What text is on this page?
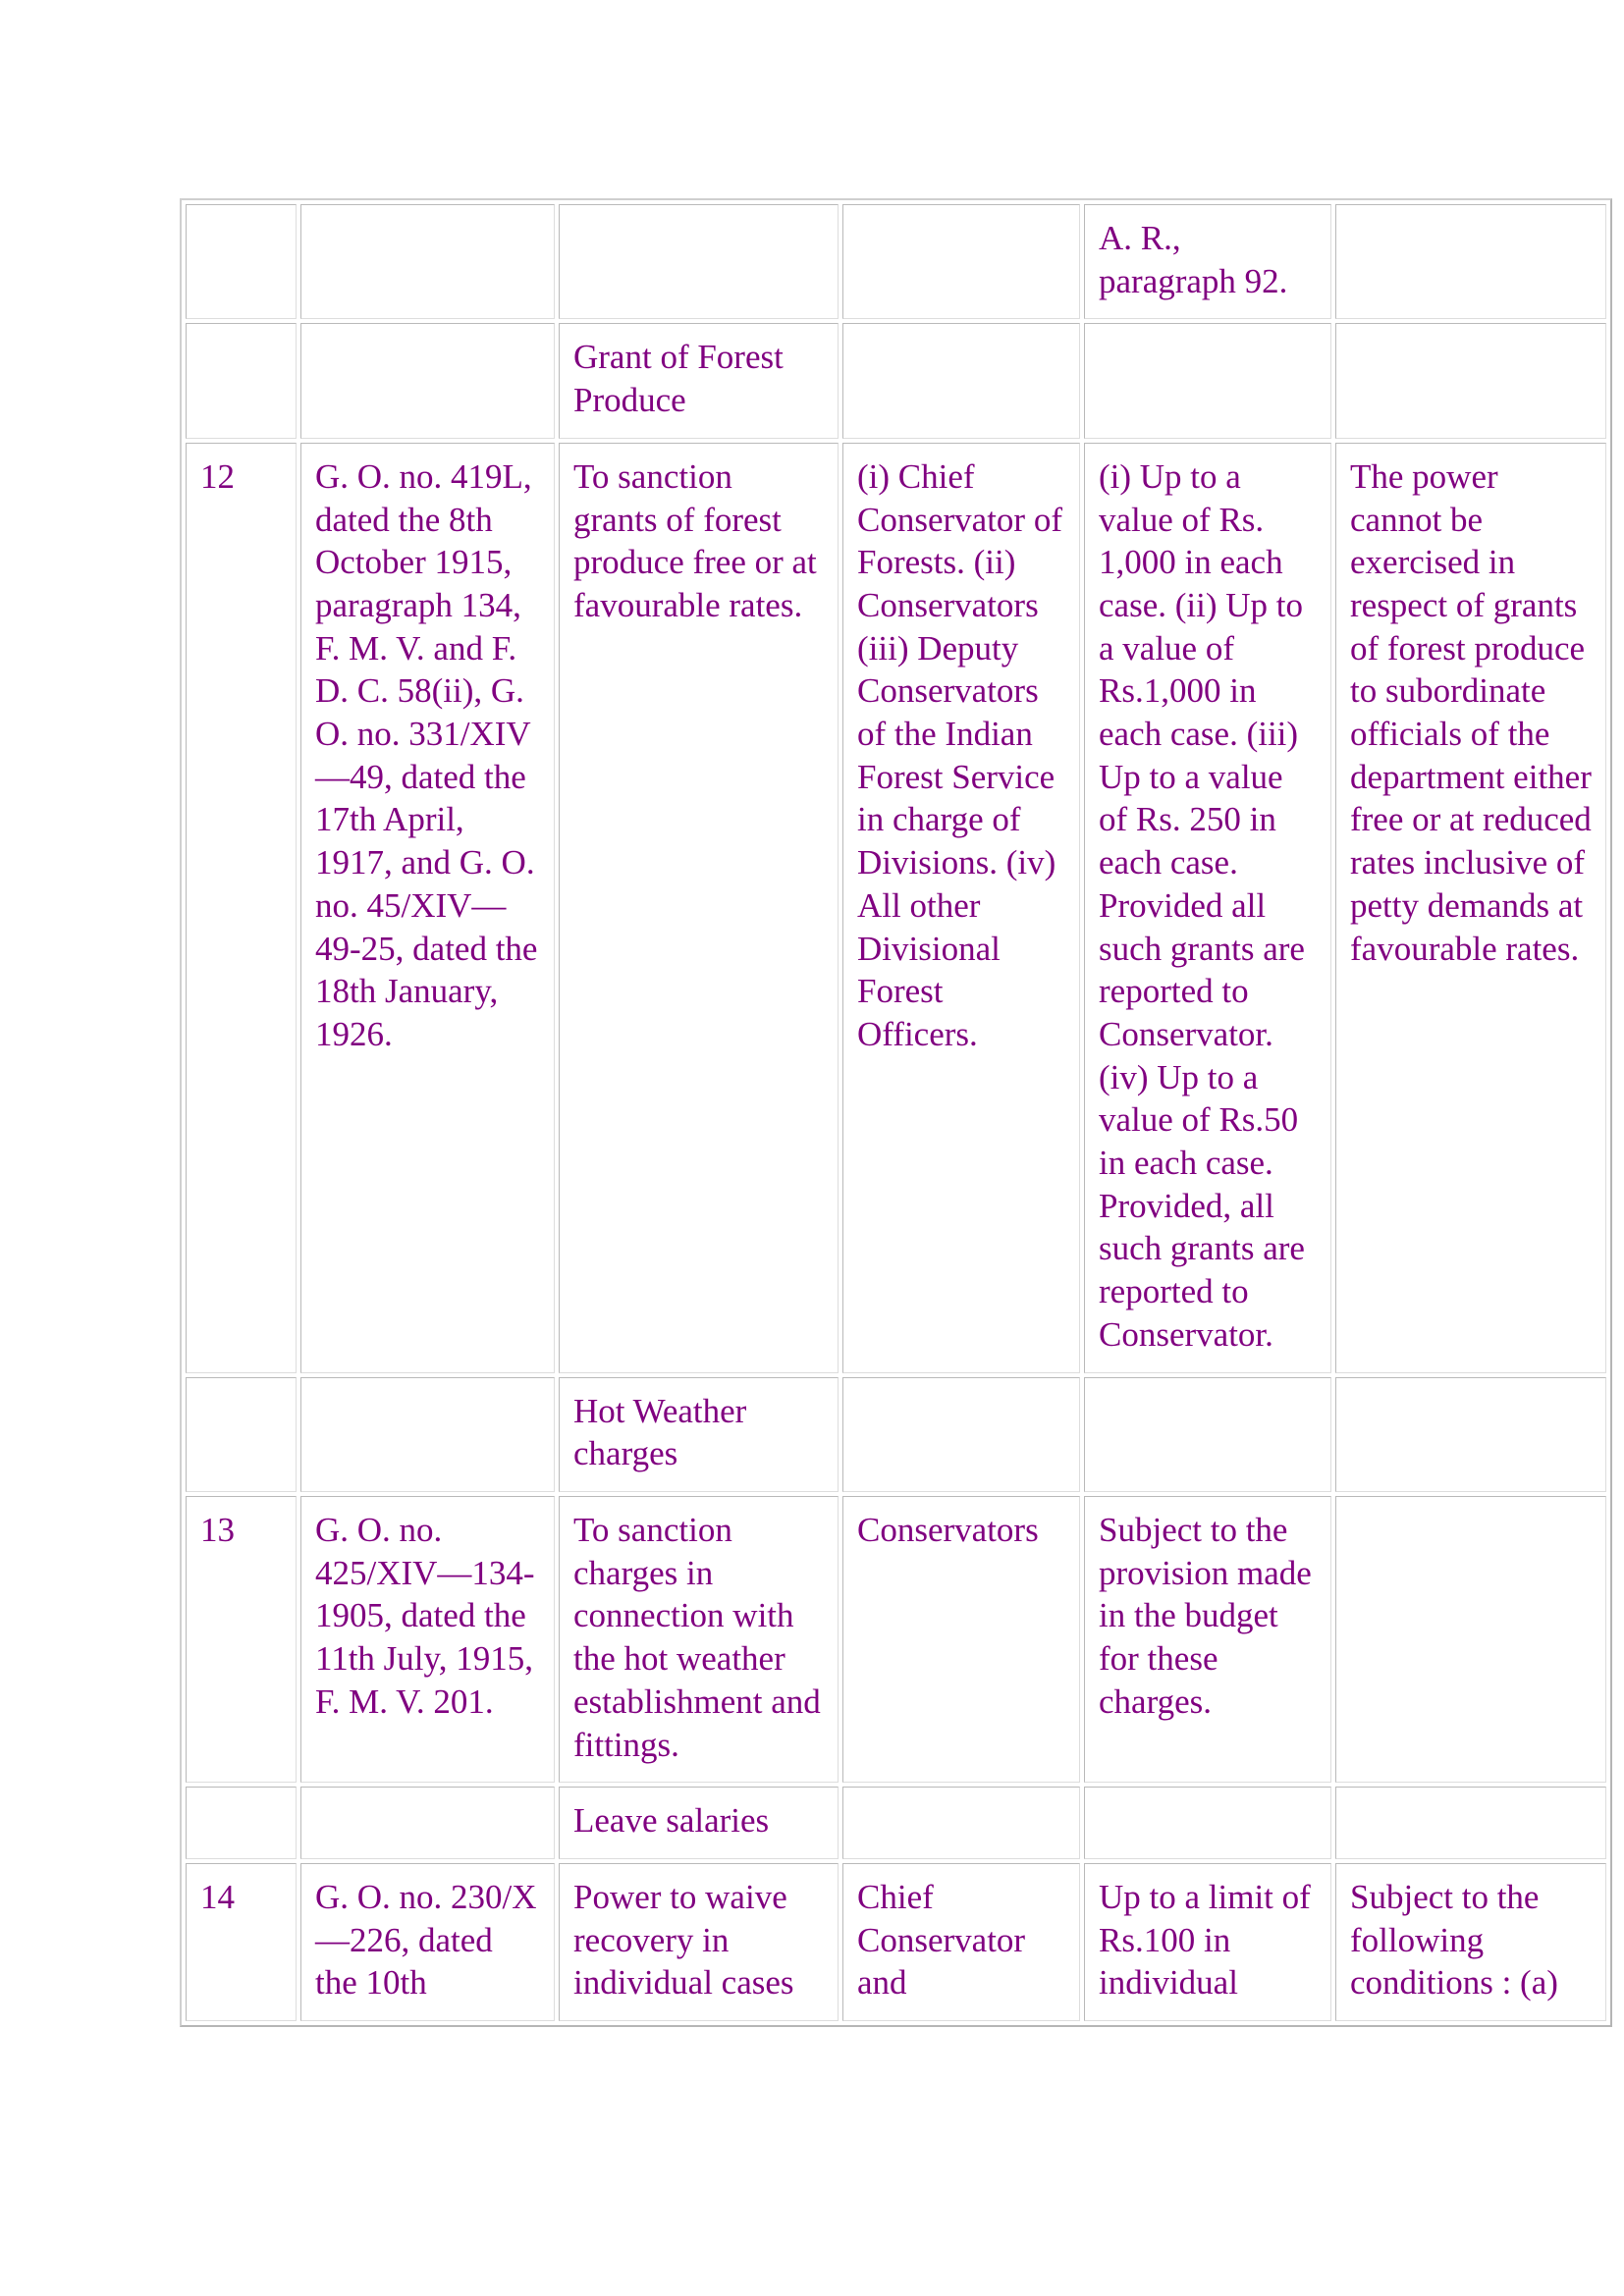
				A. R., paragraph 92.	

		Grant of Forest Produce			

12	G. O. no. 419L, dated the 8th October 1915, paragraph 134, F. M. V. and F. D. C. 58(ii), G. O. no. 331/XIV—49, dated the 17th April, 1917, and G. O. no. 45/XIV—49-25, dated the 18th January, 1926.	To sanction grants of forest produce free or at favourable rates.	(i) Chief Conservator of Forests. (ii) Conservators (iii) Deputy Conservators of the Indian Forest Service in charge of Divisions. (iv) All other Divisional Forest Officers.	(i) Up to a value of Rs. 1,000 in each case. (ii) Up to a value of Rs.1,000 in each case. (iii) Up to a value of Rs. 250 in each case. Provided all such grants are reported to Conservator. (iv) Up to a value of Rs.50 in each case. Provided, all such grants are reported to Conservator.	The power cannot be exercised in respect of grants of forest produce to subordinate officials of the department either free or at reduced rates inclusive of petty demands at favourable rates.

		Hot Weather charges			

13	G. O. no. 425/XIV—134-1905, dated the 11th July, 1915, F. M. V. 201.	To sanction charges in connection with the hot weather establishment and fittings.	Conservators	Subject to the provision made in the budget for these charges.	

		Leave salaries			

14	G. O. no. 230/X—226, dated the 10th	Power to waive recovery in individual cases	Chief Conservator and	Up to a limit of Rs.100 in individual	Subject to the following conditions : (a)
